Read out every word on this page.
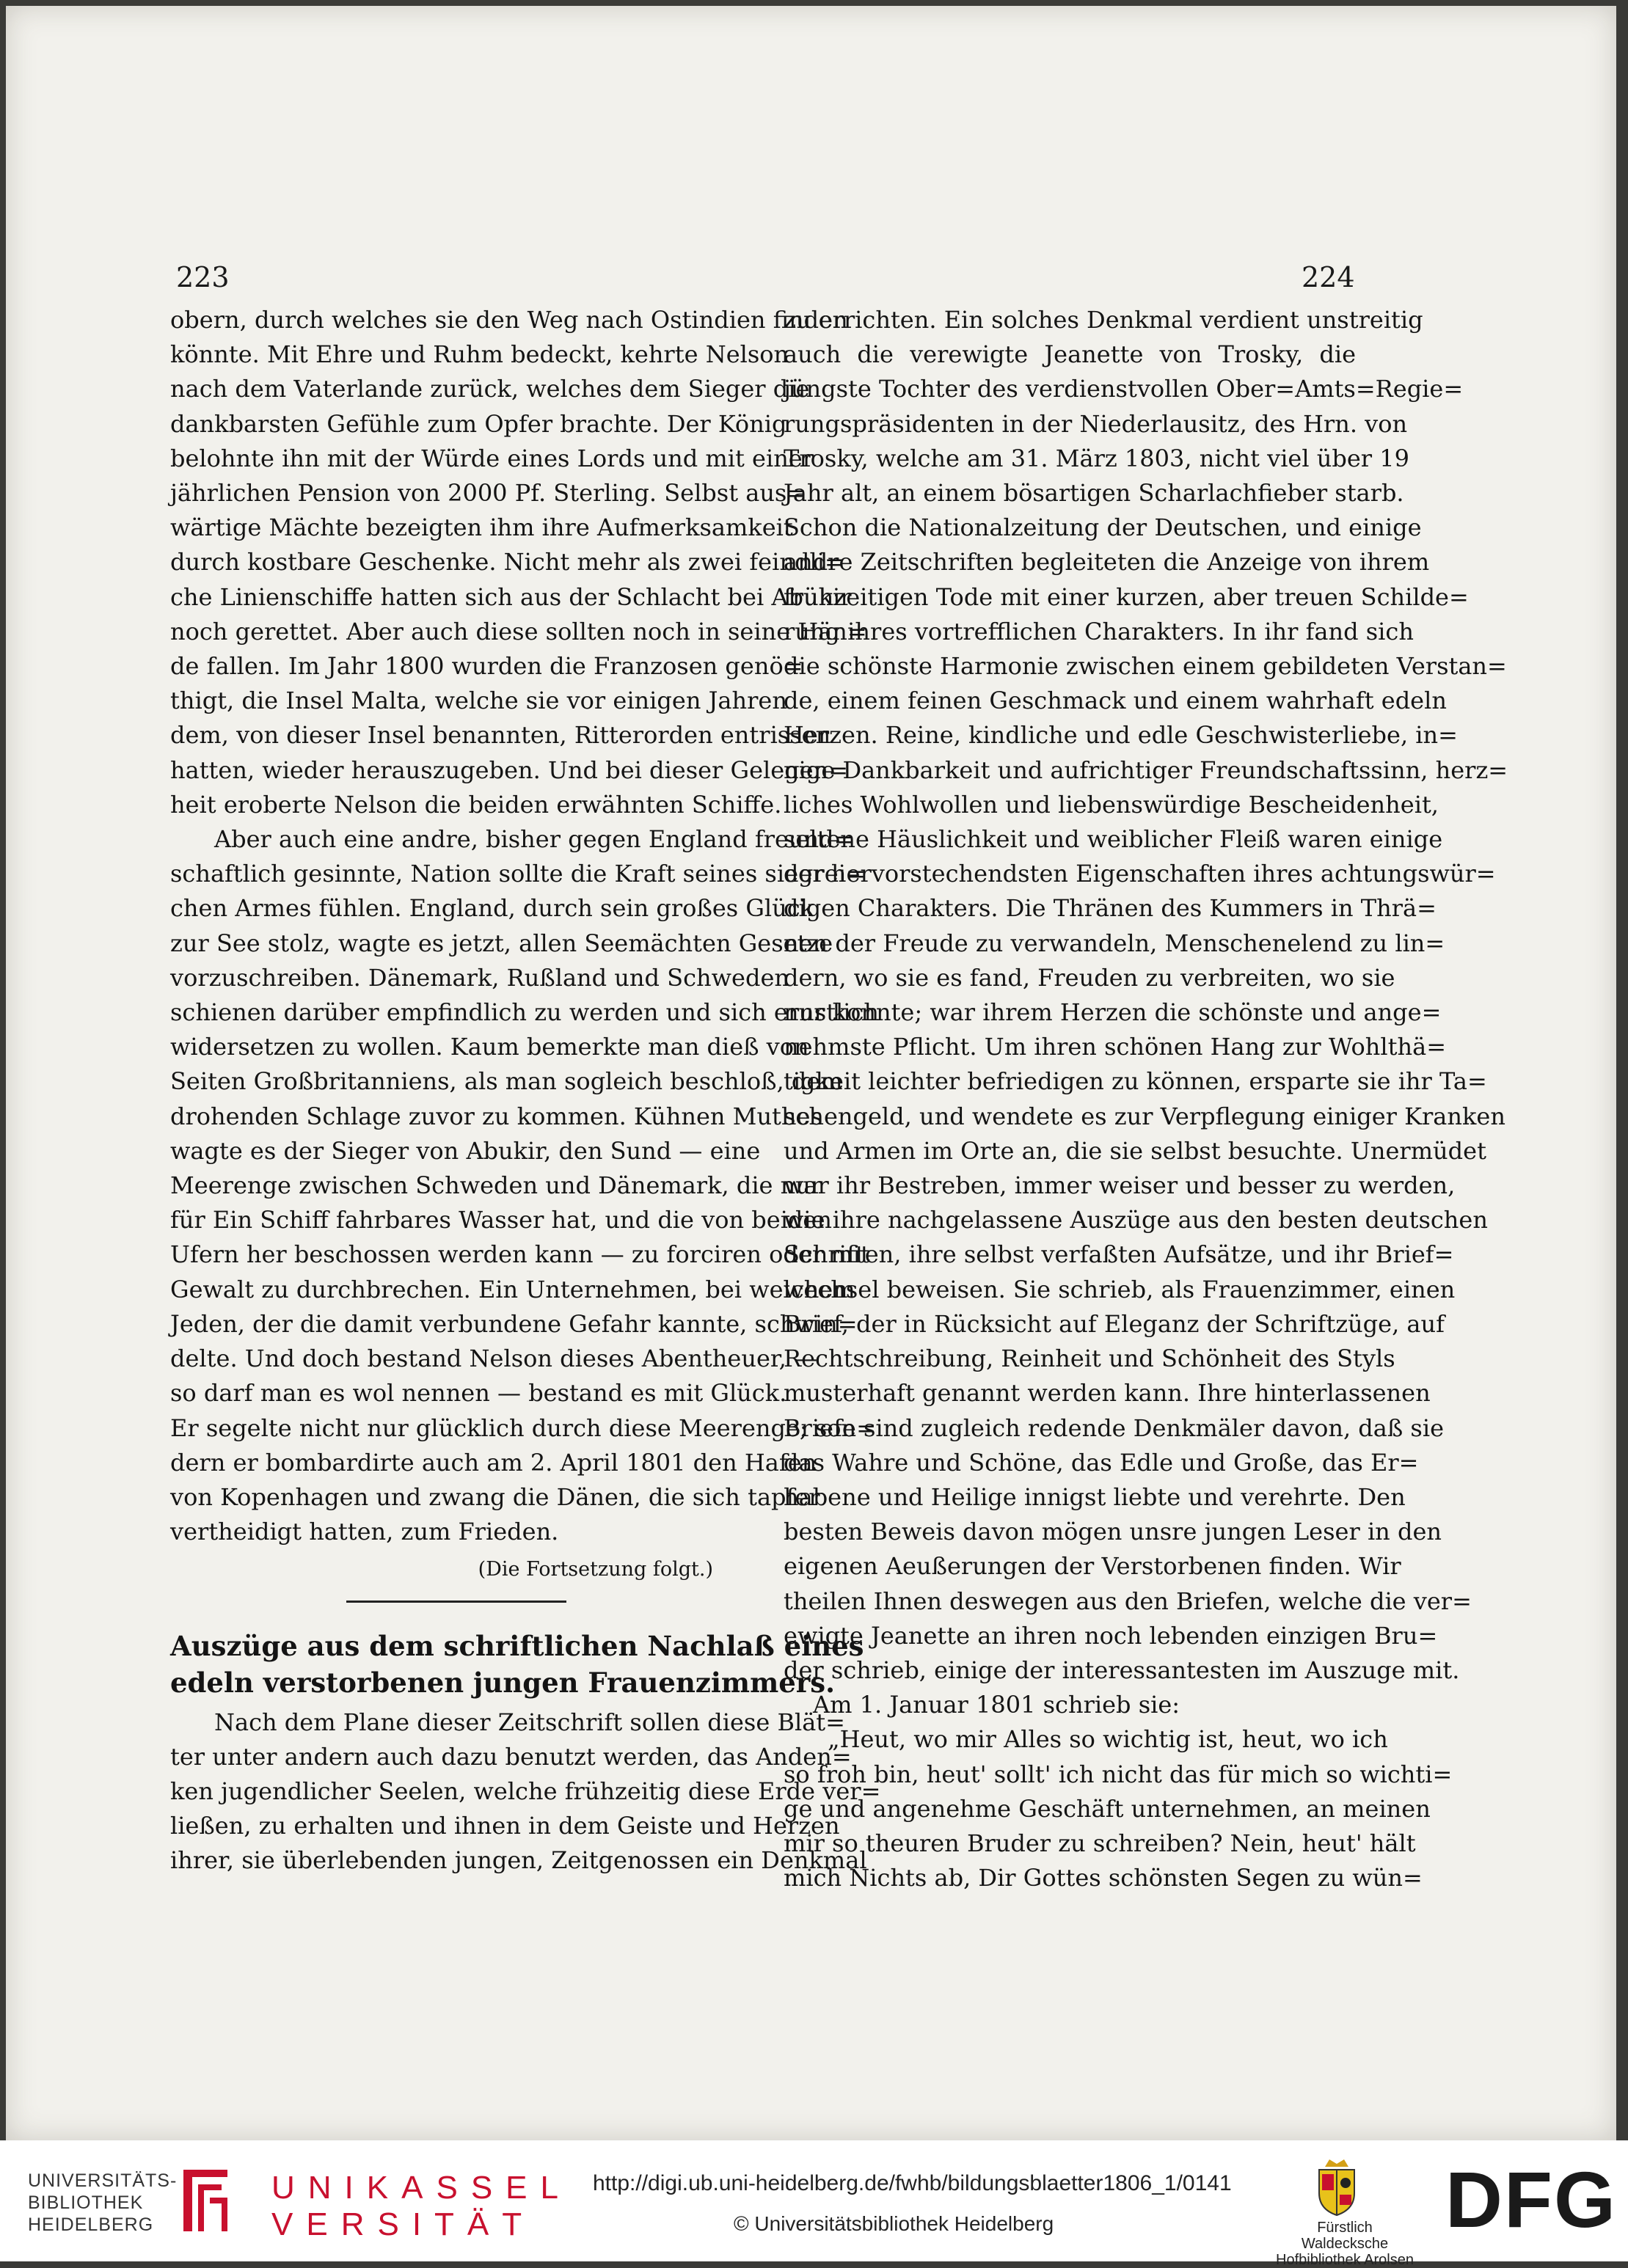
223	224

obern, durch welches sie den Weg nach Ostindien finden
könnte. Mit Ehre und Ruhm bedeckt, kehrte Nelson
nach dem Vaterlande zurück, welches dem Sieger die
dankbarsten Gefühle zum Opfer brachte. Der König
belohnte ihn mit der Würde eines Lords und mit einer
jährlichen Pension von 2000 Pf. Sterling. Selbst aus=
wärtige Mächte bezeigten ihm ihre Aufmerksamkeit
durch kostbare Geschenke. Nicht mehr als zwei feindli=
che Linienschiffe hatten sich aus der Schlacht bei Abukir
noch gerettet. Aber auch diese sollten noch in seine Hän=
de fallen. Im Jahr 1800 wurden die Franzosen genö=
thigt, die Insel Malta, welche sie vor einigen Jahren
dem, von dieser Insel benannten, Ritterorden entrissen
hatten, wieder herauszugeben. Und bei dieser Gelegen=
heit eroberte Nelson die beiden erwähnten Schiffe.

Aber auch eine andre, bisher gegen England freund=
schaftlich gesinnte, Nation sollte die Kraft seines siegrei=
chen Armes fühlen. England, durch sein großes Glück
zur See stolz, wagte es jetzt, allen Seemächten Gesetze
vorzuschreiben. Dänemark, Rußland und Schweden
schienen darüber empfindlich zu werden und sich ernstlich
widersetzen zu wollen. Kaum bemerkte man dieß von
Seiten Großbritanniens, als man sogleich beschloß, dem
drohenden Schlage zuvor zu kommen. Kühnen Muthes
wagte es der Sieger von Abukir, den Sund — eine
Meerenge zwischen Schweden und Dänemark, die nur
für Ein Schiff fahrbares Wasser hat, und die von beiden
Ufern her beschossen werden kann — zu forciren oder mit
Gewalt zu durchbrechen. Ein Unternehmen, bei welchem
Jeden, der die damit verbundene Gefahr kannte, schwin=
delte. Und doch bestand Nelson dieses Abentheuer, —
so darf man es wol nennen — bestand es mit Glück.
Er segelte nicht nur glücklich durch diese Meerenge; son=
dern er bombardirte auch am 2. April 1801 den Hafen
von Kopenhagen und zwang die Dänen, die sich tapfer
vertheidigt hatten, zum Frieden.

(Die Fortsetzung folgt.)
Auszüge aus dem schriftlichen Nachlaß eines
edeln verstorbenen jungen Frauenzimmers.

Nach dem Plane dieser Zeitschrift sollen diese Blät=
ter unter andern auch dazu benutzt werden, das Anden=
ken jugendlicher Seelen, welche frühzeitig diese Erde ver=
ließen, zu erhalten und ihnen in dem Geiste und Herzen
ihrer, sie überlebenden jungen, Zeitgenossen ein Denkmal

zu errichten. Ein solches Denkmal verdient unstreitig
auch die verewigte Jeanette von Trosky, die
jüngste Tochter des verdienstvollen Ober=Amts=Regie=
rungspräsidenten in der Niederlausitz, des Hrn. von
Trosky, welche am 31. März 1803, nicht viel über 19
Jahr alt, an einem bösartigen Scharlachfieber starb.
Schon die Nationalzeitung der Deutschen, und einige
andre Zeitschriften begleiteten die Anzeige von ihrem
frühzeitigen Tode mit einer kurzen, aber treuen Schilde=
rung ihres vortrefflichen Charakters. In ihr fand sich
die schönste Harmonie zwischen einem gebildeten Verstan=
de, einem feinen Geschmack und einem wahrhaft edeln
Herzen. Reine, kindliche und edle Geschwisterliebe, in=
nige Dankbarkeit und aufrichtiger Freundschaftssinn, herz=
liches Wohlwollen und liebenswürdige Bescheidenheit,
seltene Häuslichkeit und weiblicher Fleiß waren einige
der hervorstechendsten Eigenschaften ihres achtungswür=
digen Charakters. Die Thränen des Kummers in Thrä=
nen der Freude zu verwandeln, Menschenelend zu lin=
dern, wo sie es fand, Freuden zu verbreiten, wo sie
nur konnte; war ihrem Herzen die schönste und ange=
nehmste Pflicht. Um ihren schönen Hang zur Wohlthä=
tigkeit leichter befriedigen zu können, ersparte sie ihr Ta=
schengeld, und wendete es zur Verpflegung einiger Kranken
und Armen im Orte an, die sie selbst besuchte. Unermüdet
war ihr Bestreben, immer weiser und besser zu werden,
wie ihre nachgelassene Auszüge aus den besten deutschen
Schriften, ihre selbst verfaßten Aufsätze, und ihr Brief=
wechsel beweisen. Sie schrieb, als Frauenzimmer, einen
Brief, der in Rücksicht auf Eleganz der Schriftzüge, auf
Rechtschreibung, Reinheit und Schönheit des Styls
musterhaft genannt werden kann. Ihre hinterlassenen
Briefe sind zugleich redende Denkmäler davon, daß sie
das Wahre und Schöne, das Edle und Große, das Er=
habene und Heilige innigst liebte und verehrte. Den
besten Beweis davon mögen unsre jungen Leser in den
eigenen Aeußerungen der Verstorbenen finden. Wir
theilen Ihnen deswegen aus den Briefen, welche die ver=
ewigte Jeanette an ihren noch lebenden einzigen Bru=
der schrieb, einige der interessantesten im Auszuge mit.

Am 1. Januar 1801 schrieb sie:

„Heut, wo mir Alles so wichtig ist, heut, wo ich
so froh bin, heut' sollt' ich nicht das für mich so wichti=
ge und angenehme Geschäft unternehmen, an meinen
mir so theuren Bruder zu schreiben? Nein, heut' hält
mich Nichts ab, Dir Gottes schönsten Segen zu wün=

UNIVERSITÄTS-
BIBLIOTHEK
HEIDELBERG
UNIKASSEL
VERSITÄT
http://digi.ub.uni-heidelberg.de/fwhb/bildungsblaetter1806_1/0141
© Universitätsbibliothek Heidelberg	Fürstlich Waldecksche
Hofbibliothek Arolsen
DFG
